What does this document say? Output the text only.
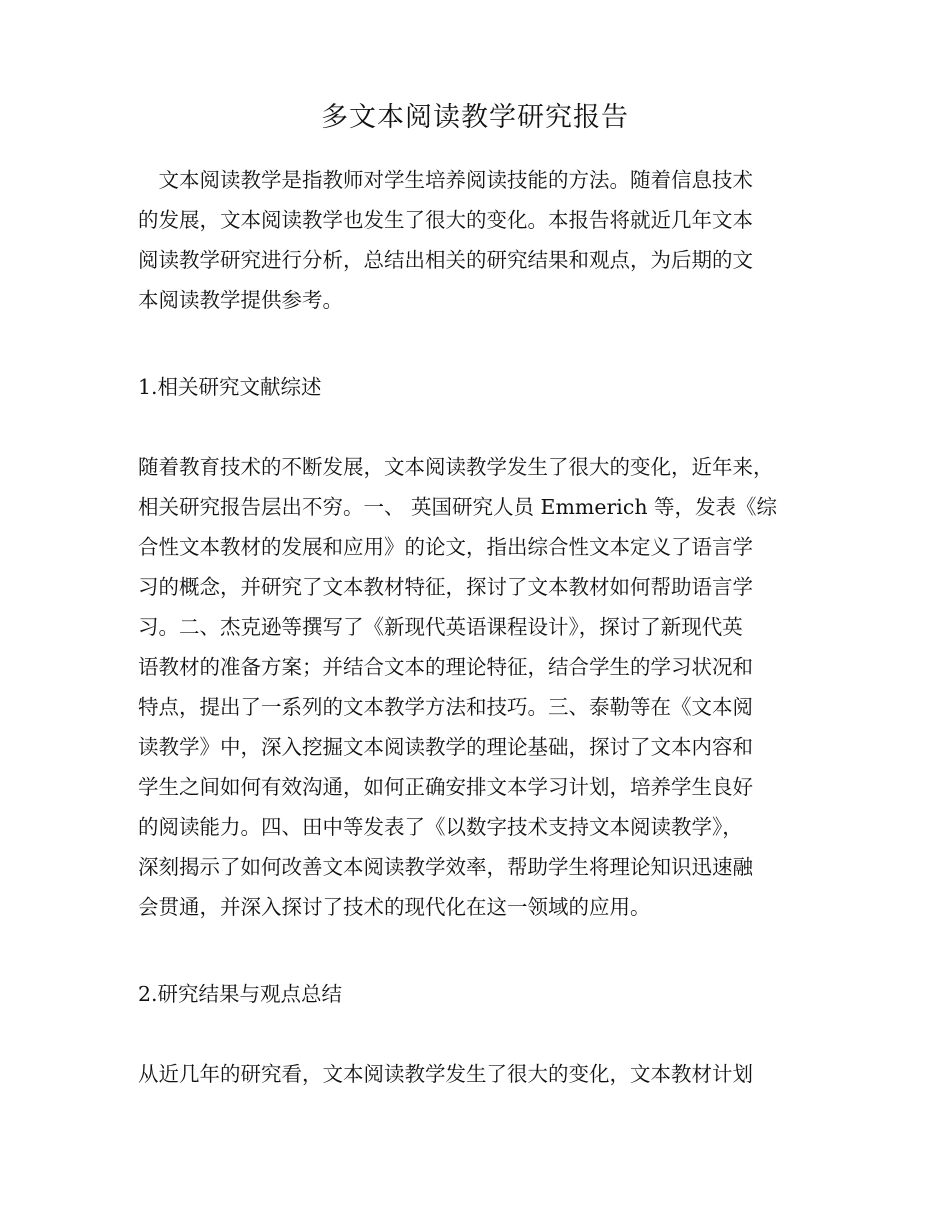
多文本阅读教学研究报告

　文本阅读教学是指教师对学生培养阅读技能的方法。随着信息技术

的发展，文本阅读教学也发生了很大的变化。本报告将就近几年文本

阅读教学研究进行分析，总结出相关的研究结果和观点，为后期的文

本阅读教学提供参考。

1.相关研究文献综述

随着教育技术的不断发展，文本阅读教学发生了很大的变化，近年来，

相关研究报告层出不穷。一、 英国研究人员 Emmerich 等，发表《综

合性文本教材的发展和应用》的论文，指出综合性文本定义了语言学

习的概念，并研究了文本教材特征，探讨了文本教材如何帮助语言学

习。二、杰克逊等撰写了《新现代英语课程设计》，探讨了新现代英

语教材的准备方案；并结合文本的理论特征，结合学生的学习状况和

特点，提出了一系列的文本教学方法和技巧。三、泰勒等在《文本阅

读教学》中，深入挖掘文本阅读教学的理论基础，探讨了文本内容和

学生之间如何有效沟通，如何正确安排文本学习计划，培养学生良好

的阅读能力。四、田中等发表了《以数字技术支持文本阅读教学》，

深刻揭示了如何改善文本阅读教学效率，帮助学生将理论知识迅速融

会贯通，并深入探讨了技术的现代化在这一领域的应用。

2.研究结果与观点总结

从近几年的研究看，文本阅读教学发生了很大的变化，文本教材计划
